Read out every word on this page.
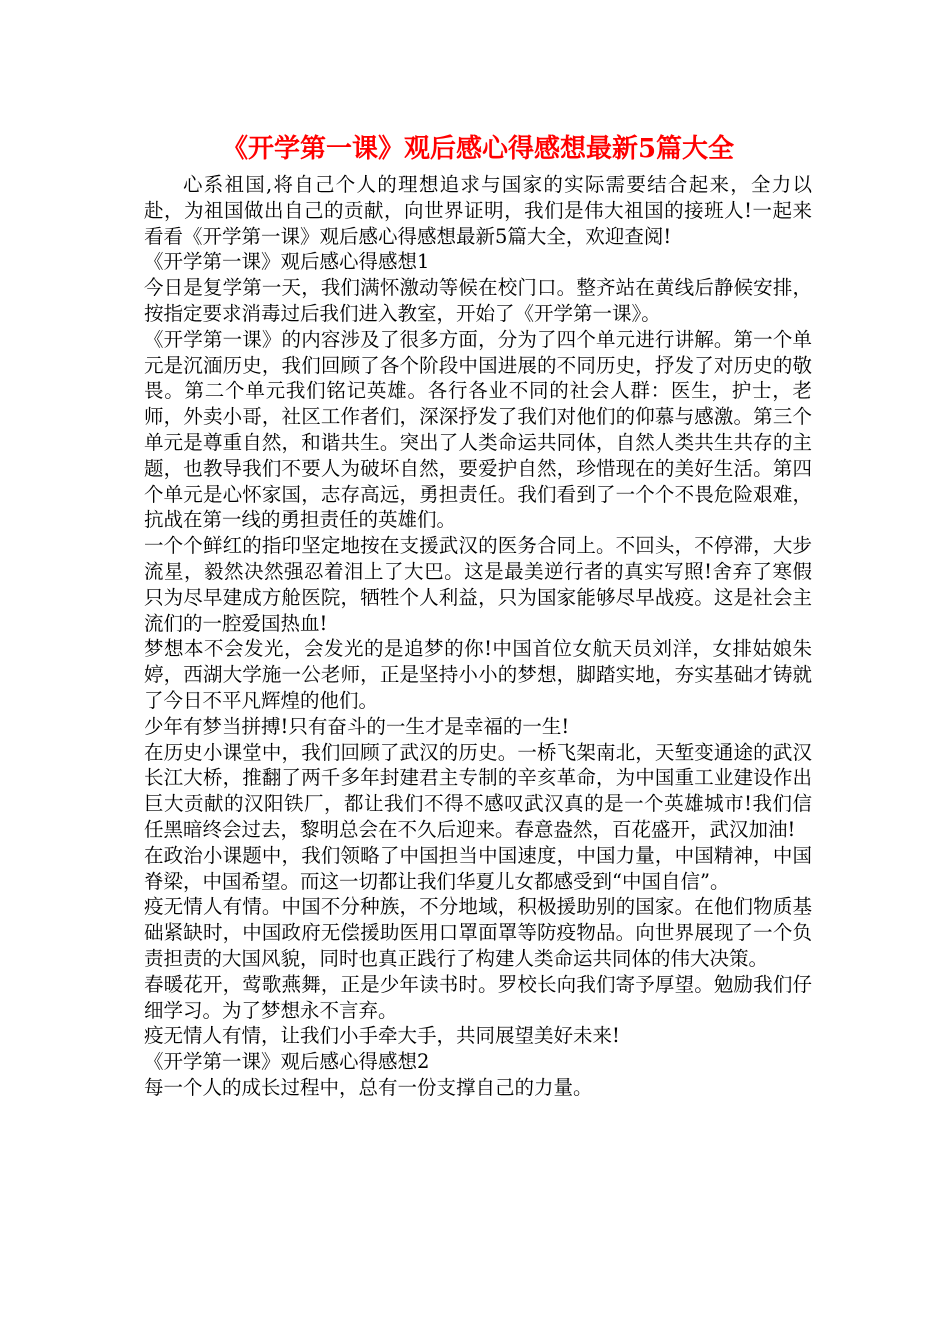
《开学第一课》观后感心得感想最新5篇大全

心系祖国,将自己个人的理想追求与国家的实际需要结合起来，全力以赴，为祖国做出自己的贡献，向世界证明，我们是伟大祖国的接班人!一起来看看《开学第一课》观后感心得感想最新5篇大全，欢迎查阅!

《开学第一课》观后感心得感想1

今日是复学第一天，我们满怀激动等候在校门口。整齐站在黄线后静候安排，按指定要求消毒过后我们进入教室，开始了《开学第一课》。

《开学第一课》的内容涉及了很多方面，分为了四个单元进行讲解。第一个单元是沉湎历史，我们回顾了各个阶段中国进展的不同历史，抒发了对历史的敬畏。第二个单元我们铭记英雄。各行各业不同的社会人群：医生，护士，老师，外卖小哥，社区工作者们，深深抒发了我们对他们的仰慕与感激。第三个单元是尊重自然，和谐共生。突出了人类命运共同体，自然人类共生共存的主题，也教导我们不要人为破坏自然，要爱护自然，珍惜现在的美好生活。第四个单元是心怀家国，志存高远，勇担责任。我们看到了一个个不畏危险艰难，抗战在第一线的勇担责任的英雄们。

一个个鲜红的指印坚定地按在支援武汉的医务合同上。不回头，不停滞，大步流星，毅然决然强忍着泪上了大巴。这是最美逆行者的真实写照!舍弃了寒假只为尽早建成方舱医院，牺牲个人利益，只为国家能够尽早战疫。这是社会主流们的一腔爱国热血!

梦想本不会发光，会发光的是追梦的你!中国首位女航天员刘洋，女排姑娘朱婷，西湖大学施一公老师，正是坚持小小的梦想，脚踏实地，夯实基础才铸就了今日不平凡辉煌的他们。

少年有梦当拼搏!只有奋斗的一生才是幸福的一生!

在历史小课堂中，我们回顾了武汉的历史。一桥飞架南北，天堑变通途的武汉长江大桥，推翻了两千多年封建君主专制的辛亥革命，为中国重工业建设作出巨大贡献的汉阳铁厂，都让我们不得不感叹武汉真的是一个英雄城市!我们信任黑暗终会过去，黎明总会在不久后迎来。春意盎然，百花盛开，武汉加油!

在政治小课题中，我们领略了中国担当中国速度，中国力量，中国精神，中国脊梁，中国希望。而这一切都让我们华夏儿女都感受到“中国自信”。

疫无情人有情。中国不分种族，不分地域，积极援助别的国家。在他们物质基础紧缺时，中国政府无偿援助医用口罩面罩等防疫物品。向世界展现了一个负责担责的大国风貌，同时也真正践行了构建人类命运共同体的伟大决策。

春暖花开，莺歌燕舞，正是少年读书时。罗校长向我们寄予厚望。勉励我们仔细学习。为了梦想永不言弃。

疫无情人有情，让我们小手牵大手，共同展望美好未来!

《开学第一课》观后感心得感想2

每一个人的成长过程中，总有一份支撑自己的力量。
